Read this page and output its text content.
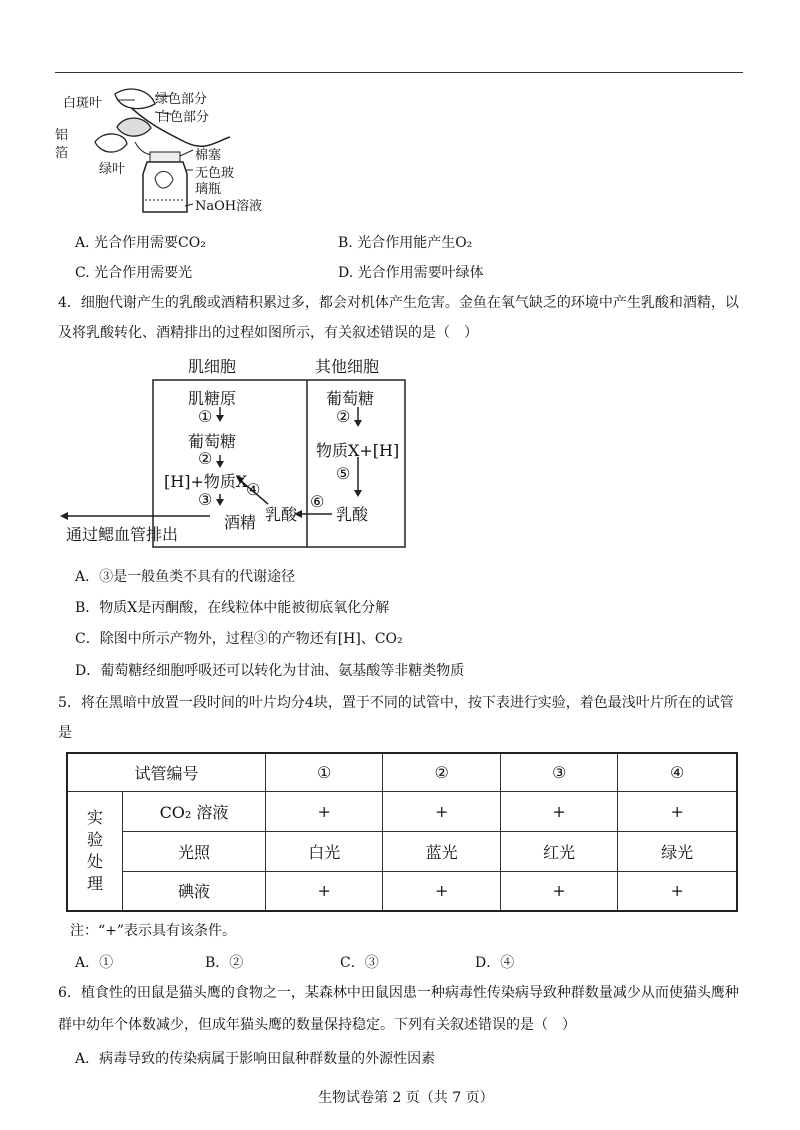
白斑叶	绿色部分
白色部分
铝
箔
绿叶
棉塞
无色玻
璃瓶
NaOH溶液
A. 光合作用需要CO₂	B. 光合作用能产生O₂
C. 光合作用需要光	D. 光合作用需要叶绿体
4．细胞代谢产生的乳酸或酒精积累过多，都会对机体产生危害。金鱼在氧气缺乏的环境中产生乳酸和酒精，以
及将乳酸转化、酒精排出的过程如图所示，有关叙述错误的是（　）
肌细胞	其他细胞
肌糖原
①
葡萄糖
②
[H]+物质X
③
④
酒精 乳酸
葡萄糖
②
物质X+[H]
⑤
⑥
乳酸
通过鳃血管排出
A．③是一般鱼类不具有的代谢途径
B．物质X是丙酮酸，在线粒体中能被彻底氧化分解
C．除图中所示产物外，过程③的产物还有[H]、CO₂
D．葡萄糖经细胞呼吸还可以转化为甘油、氨基酸等非糖类物质
5．将在黑暗中放置一段时间的叶片均分4块，置于不同的试管中，按下表进行实验，着色最浅叶片所在的试管
是
试管编号		①	②	③	④
实
验
处
理	CO₂ 溶液	+	+	+	+
	光照	白光	蓝光	红光	绿光
	碘液	+	+	+	+
注：“+”表示具有该条件。
A．①	B．②	C．③	D．④
6．植食性的田鼠是猫头鹰的食物之一，某森林中田鼠因患一种病毒性传染病导致种群数量减少从而使猫头鹰种
群中幼年个体数减少，但成年猫头鹰的数量保持稳定。下列有关叙述错误的是（　）
A．病毒导致的传染病属于影响田鼠种群数量的外源性因素
生物试卷第 2 页（共 7 页）
